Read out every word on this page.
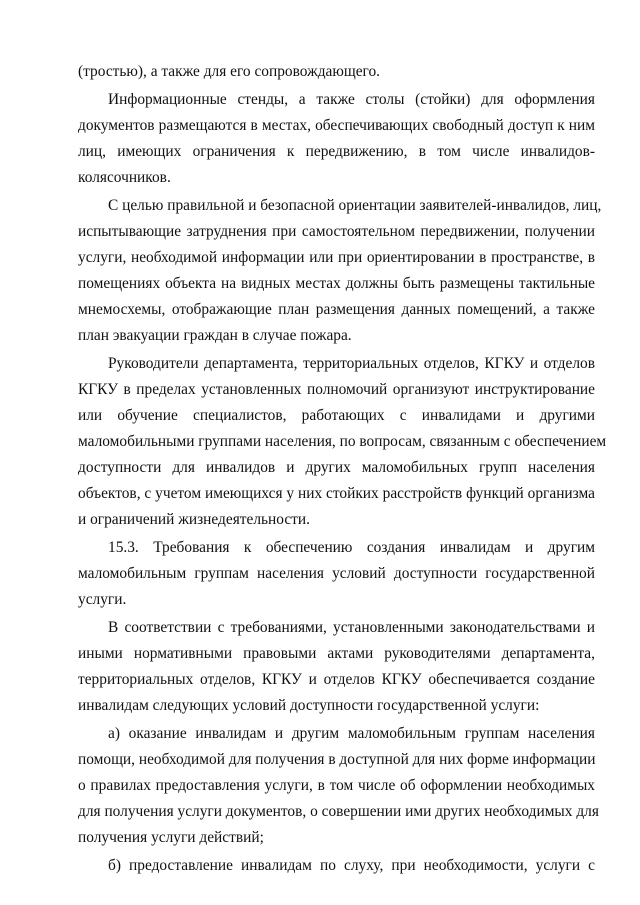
(тростью), а также для его сопровождающего.
Информационные стенды, а также столы (стойки) для оформления
документов размещаются в местах, обеспечивающих свободный доступ к ним
лиц, имеющих ограничения к передвижению, в том числе инвалидов-
колясочников.
С целью правильной и безопасной ориентации заявителей-инвалидов, лиц,
испытывающие затруднения при самостоятельном передвижении, получении
услуги, необходимой информации или при ориентировании в пространстве, в
помещениях объекта на видных местах должны быть размещены тактильные
мнемосхемы, отображающие план размещения данных помещений, а также
план эвакуации граждан в случае пожара.
Руководители департамента, территориальных отделов, КГКУ и отделов
КГКУ в пределах установленных полномочий организуют инструктирование
или обучение специалистов, работающих с инвалидами и другими
маломобильными группами населения, по вопросам, связанным с обеспечением
доступности для инвалидов и других маломобильных групп населения
объектов, с учетом имеющихся у них стойких расстройств функций организма
и ограничений жизнедеятельности.
15.3. Требования к обеспечению создания инвалидам и другим
маломобильным группам населения условий доступности государственной
услуги.
В соответствии с требованиями, установленными законодательствами и
иными нормативными правовыми актами руководителями департамента,
территориальных отделов, КГКУ и отделов КГКУ обеспечивается создание
инвалидам следующих условий доступности государственной услуги:
а) оказание инвалидам и другим маломобильным группам населения
помощи, необходимой для получения в доступной для них форме информации
о правилах предоставления услуги, в том числе об оформлении необходимых
для получения услуги документов, о совершении ими других необходимых для
получения услуги действий;
б) предоставление инвалидам по слуху, при необходимости, услуги с
